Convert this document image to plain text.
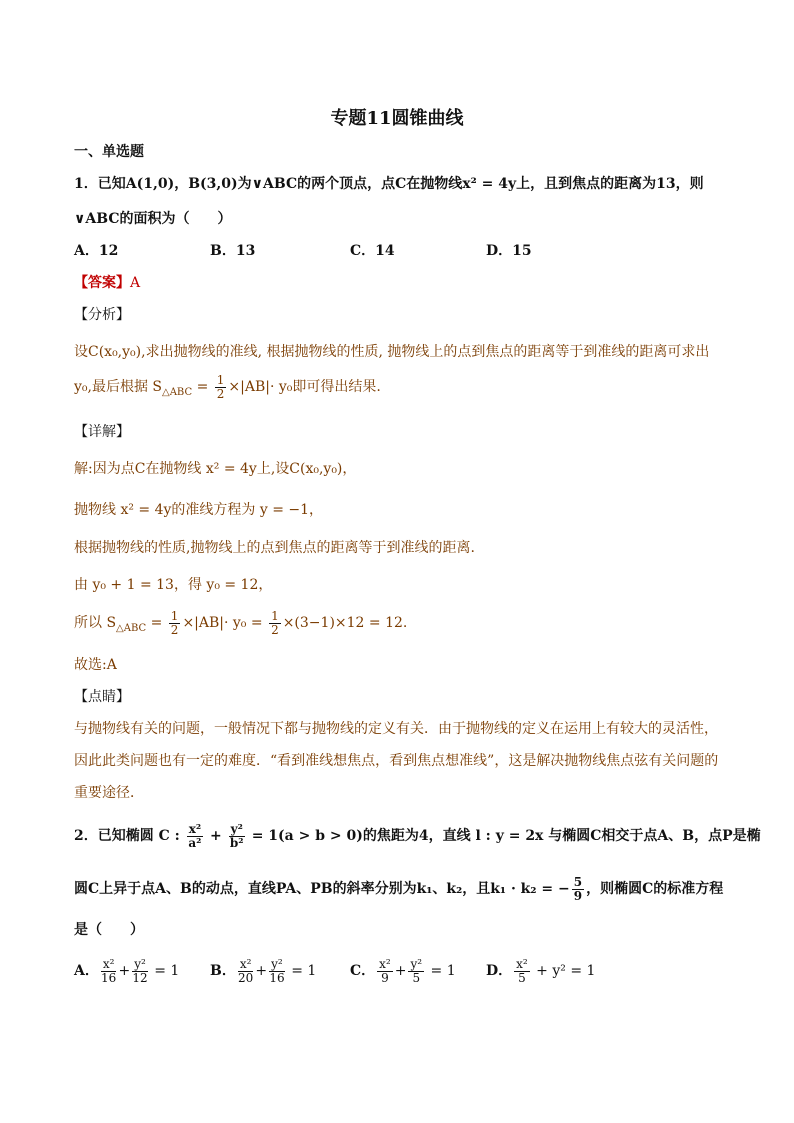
专题11圆锥曲线
一、单选题
1．已知A(1,0)，B(3,0)为∨ABC的两个顶点，点C在抛物线x² = 4y上，且到焦点的距离为13，则
∨ABC的面积为（　　）
A．12	B．13	C．14	D．15
【答案】A
【分析】
设C(x₀,y₀),求出抛物线的准线, 根据抛物线的性质, 抛物线上的点到焦点的距离等于到准线的距离可求出
y₀,最后根据 $S_{\triangle ABC} = \frac{1}{2} \times|AB|\cdot y_0$即可得出结果.
【详解】
解:因为点C在抛物线 x² = 4y上,设C(x₀,y₀)，
抛物线 x² = 4y的准线方程为 y = −1，
根据抛物线的性质,抛物线上的点到焦点的距离等于到准线的距离.
由 y₀ + 1 = 13，得 y₀ = 12，
所以 $S_{\triangle ABC} = \frac{1}{2} \times|AB|\cdot y_0 = \frac{1}{2} \times(3-1)\times 12 = 12$.
故选:A
【点睛】
与抛物线有关的问题，一般情况下都与抛物线的定义有关．由于抛物线的定义在运用上有较大的灵活性，
因此此类问题也有一定的难度．“看到准线想焦点，看到焦点想准线”，这是解决抛物线焦点弦有关问题的
重要途径．
2．已知椭圆 C : $\frac{\text{x²}}{\text{a²}} + \frac{\text{y²}}{\text{b²}} = 1(a > b > 0)$的焦距为4，直线 l : y = 2x 与椭圆C相交于点A、B，点P是椭
圆C上异于点A、B的动点，直线PA、PB的斜率分别为k₁、k₂，且k₁ · k₂ = − $\frac{5}{9}$ ，则椭圆C的标准方程
是（　　）
A． $\frac{\text{x²}}{16} + \frac{\text{y²}}{12} = 1$ B． $\frac{\text{x²}}{20} + \frac{\text{y²}}{16} = 1$ C． $\frac{\text{x²}}{9} + \frac{\text{y²}}{5} = 1$ D． $\frac{\text{x²}}{5} + y^2 = 1$
